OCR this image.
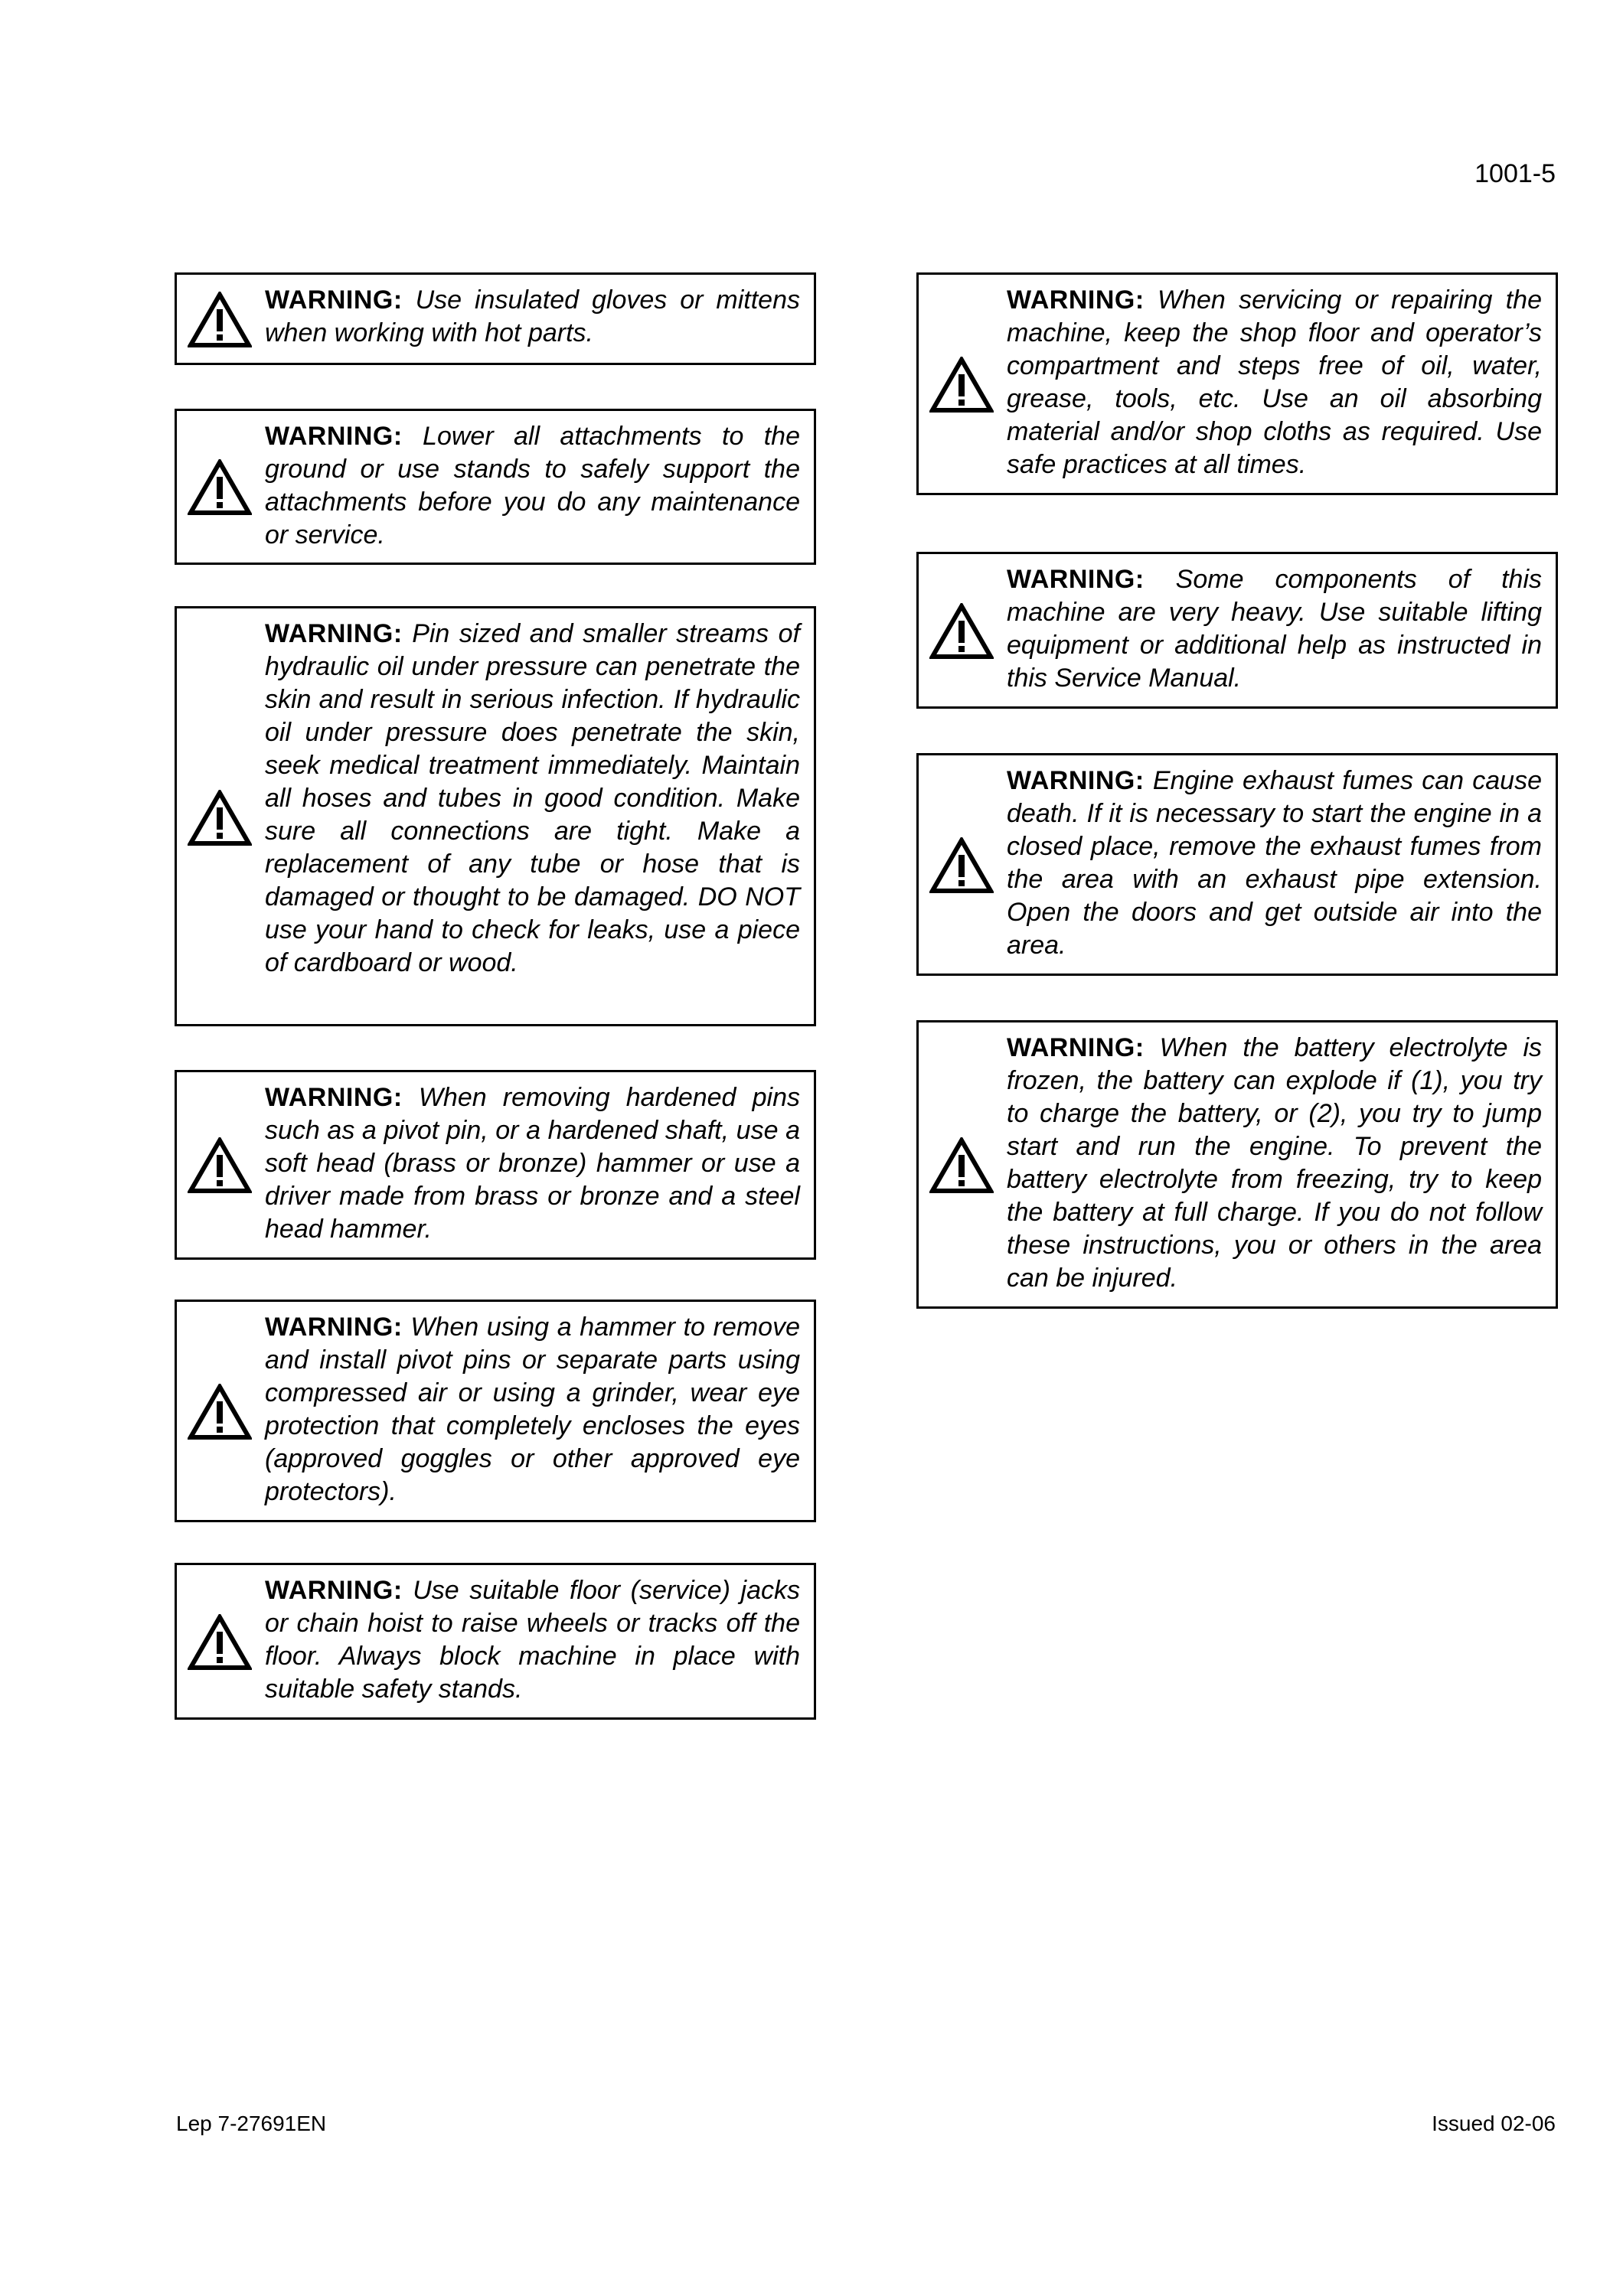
1001-5
WARNING: Use insulated gloves or mittens when working with hot parts.
WARNING: Lower all attachments to the ground or use stands to safely support the attachments before you do any maintenance or service.
WARNING: Pin sized and smaller streams of hydraulic oil under pressure can penetrate the skin and result in serious infection. If hydraulic oil under pressure does penetrate the skin, seek medical treatment immediately. Maintain all hoses and tubes in good condition. Make sure all connections are tight. Make a replacement of any tube or hose that is damaged or thought to be damaged. DO NOT use your hand to check for leaks, use a piece of cardboard or wood.
WARNING: When removing hardened pins such as a pivot pin, or a hardened shaft, use a soft head (brass or bronze) hammer or use a driver made from brass or bronze and a steel head hammer.
WARNING: When using a hammer to remove and install pivot pins or separate parts using compressed air or using a grinder, wear eye protection that completely encloses the eyes (approved goggles or other approved eye protectors).
WARNING: Use suitable floor (service) jacks or chain hoist to raise wheels or tracks off the floor. Always block machine in place with suitable safety stands.
WARNING: When servicing or repairing the machine, keep the shop floor and operator’s compartment and steps free of oil, water, grease, tools, etc. Use an oil absorbing material and/or shop cloths as required. Use safe practices at all times.
WARNING: Some components of this machine are very heavy. Use suitable lifting equipment or additional help as instructed in this Service Manual.
WARNING: Engine exhaust fumes can cause death. If it is necessary to start the engine in a closed place, remove the exhaust fumes from the area with an exhaust pipe extension. Open the doors and get outside air into the area.
WARNING: When the battery electrolyte is frozen, the battery can explode if (1), you try to charge the battery, or (2), you try to jump start and run the engine. To prevent the battery electrolyte from freezing, try to keep the battery at full charge. If you do not follow these instructions, you or others in the area can be injured.
Lep 7-27691EN	Issued 02-06
